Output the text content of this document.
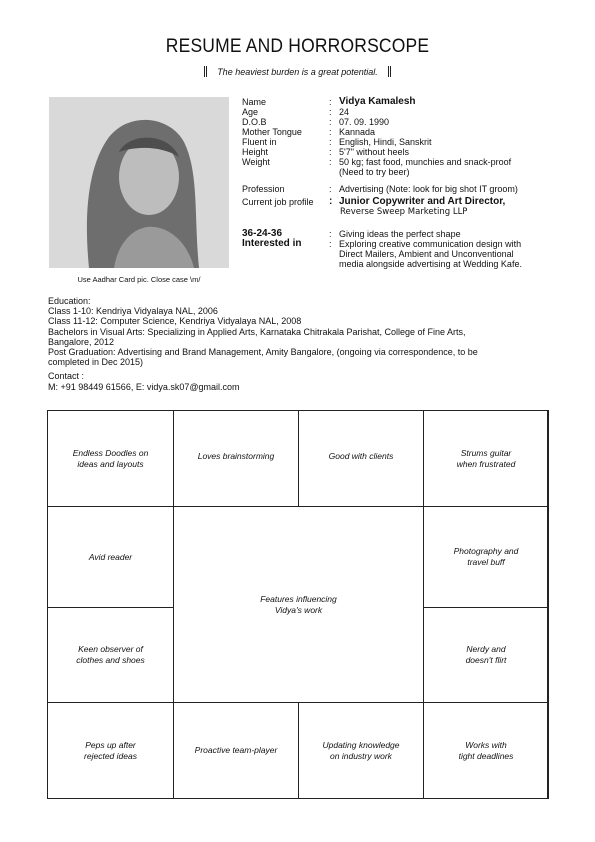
RESUME AND HORRORSCOPE
The heaviest burden is a great potential.
Use Aadhar Card pic. Close case \m/
Name	: Vidya Kamalesh
Age	: 24
D.O.B	: 07. 09. 1990
Mother Tongue	: Kannada
Fluent in	: English, Hindi, Sanskrit
Height	: 5'7" without heels
Weight	: 50 kg; fast food, munchies and snack-proof
(Need to try beer)
Profession	: Advertising (Note: look for big shot IT groom)
Current job profile	: Junior Copywriter and Art Director,
Reverse Sweep Marketing LLP
36-24-36	: Giving ideas the perfect shape
Interested in	: Exploring creative communication design with
Direct Mailers, Ambient and Unconventional
media alongside advertising at Wedding Kafe.
Education:
Class 1-10: Kendriya Vidyalaya NAL, 2006
Class 11-12: Computer Science, Kendriya Vidyalaya NAL, 2008
Bachelors in Visual Arts: Specializing in Applied Arts, Karnataka Chitrakala Parishat, College of Fine Arts,
Bangalore, 2012
Post Graduation: Advertising and Brand Management, Amity Bangalore, (ongoing via correspondence, to be
completed in Dec 2015)
Contact :
M: +91 98449 61566, E: vidya.sk07@gmail.com
Endless Doodles on
ideas and layouts
Loves brainstorming	Good with clients	Strums guitar
when frustrated
Avid reader
Keen observer of
clothes and shoes
Features influencing
Vidya's work
Photography and
travel buff
Nerdy and
doesn't flirt
Peps up after
rejected ideas
Proactive team-player
Updating knowledge
on industry work
Works with
tight deadlines
